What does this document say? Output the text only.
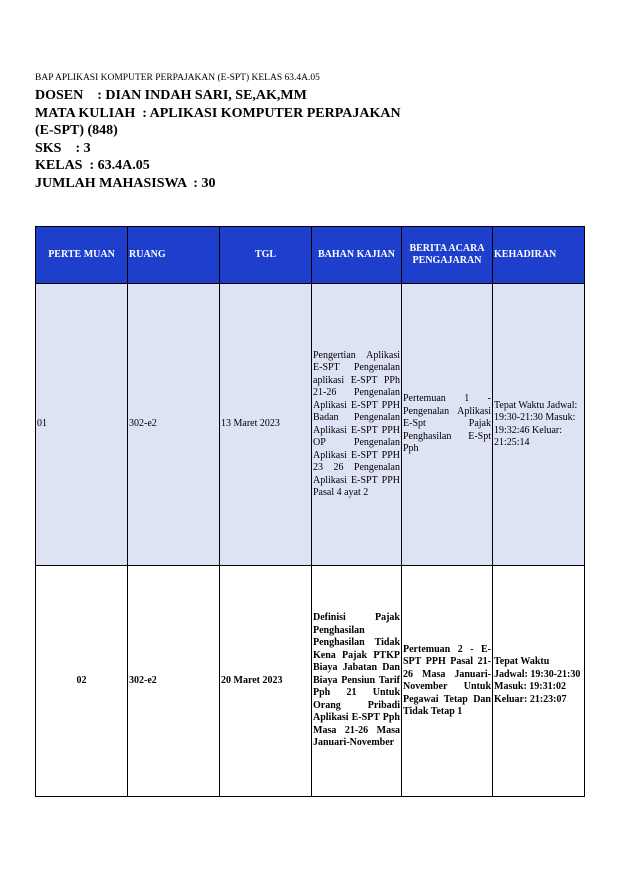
BAP APLIKASI KOMPUTER PERPAJAKAN (E-SPT) KELAS 63.4A.05
DOSEN    : DIAN INDAH SARI, SE,AK,MM
MATA KULIAH  : APLIKASI KOMPUTER PERPAJAKAN
(E-SPT) (848)
SKS    : 3
KELAS  : 63.4A.05
JUMLAH MAHASISWA  : 30
PERTE MUAN	RUANG	TGL	BAHAN KAJIAN	BERITA ACARA PENGAJARAN	KEHADIRAN
01	302-e2	13 Maret 2023	Pengertian Aplikasi E-SPT Pengenalan aplikasi E-SPT PPh 21-26 Pengenalan Aplikasi E-SPT PPH Badan Pengenalan Aplikasi E-SPT PPH OP Pengenalan Aplikasi E-SPT PPH 23 26 Pengenalan Aplikasi E-SPT PPH Pasal 4 ayat 2	Pertemuan 1 - Pengenalan Aplikasi E-Spt Pajak Penghasilan E-Spt Pph	Tepat Waktu Jadwal: 19:30-21:30 Masuk: 19:32:46 Keluar: 21:25:14
02	302-e2	20 Maret 2023	Definisi Pajak Penghasilan Penghasilan Tidak Kena Pajak PTKP Biaya Jabatan Dan Biaya Pensiun Tarif Pph 21 Untuk Orang Pribadi Aplikasi E-SPT Pph Masa 21-26 Masa Januari-November	Pertemuan 2 - E-SPT PPH Pasal 21-26 Masa Januari-November Untuk Pegawai Tetap Dan Tidak Tetap 1	Tepat Waktu Jadwal: 19:30-21:30 Masuk: 19:31:02 Keluar: 21:23:07
